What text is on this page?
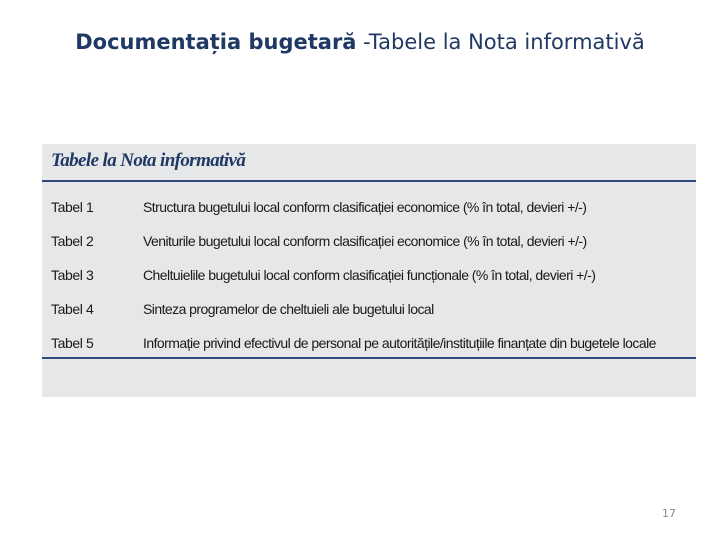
Documentația bugetară -Tabele la Nota informativă
Tabele la Nota informativă
Tabel 1	Structura bugetului local conform clasificației economice (% în total, devieri +/-)
Tabel 2	Veniturile bugetului local conform clasificației economice (% în total, devieri +/-)
Tabel 3	Cheltuielile bugetului local conform clasificației funcționale (% în total, devieri +/-)
Tabel 4	Sinteza programelor de cheltuieli ale bugetului local
Tabel 5	Informație privind efectivul de personal pe autoritățile/instituțiile finanțate din bugetele locale
17
